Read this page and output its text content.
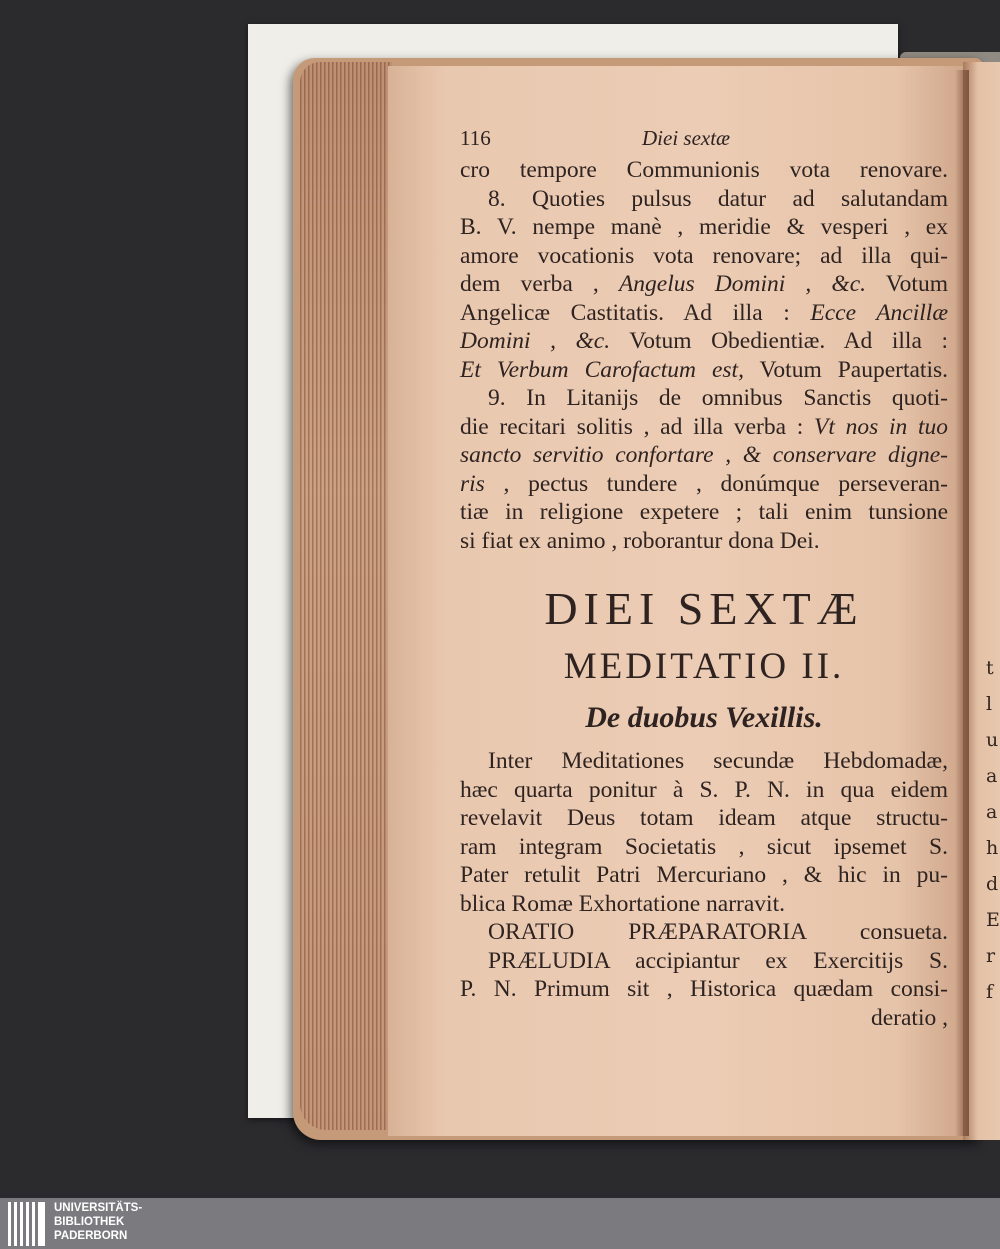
t
l
u
a
a
h
d
E
r
f
116	Diei sextæ
cro tempore Communionis vota renovare.
8. Quoties pulsus datur ad salutandam
B. V. nempe manè , meridie & vesperi , ex
amore vocationis vota renovare; ad illa qui-
dem verba , Angelus Domini , &c. Votum
Angelicæ Castitatis. Ad illa : Ecce Ancillæ
Domini , &c. Votum Obedientiæ. Ad illa :
Et Verbum Carofactum est, Votum Paupertatis.
9. In Litanijs de omnibus Sanctis quoti-
die recitari solitis , ad illa verba : Vt nos in tuo
sancto servitio confortare , & conservare digne-
ris , pectus tundere , donúmque perseveran-
tiæ in religione expetere ; tali enim tunsione
si fiat ex animo , roborantur dona Dei.
DIEI SEXTÆ
MEDITATIO II.
De duobus Vexillis.
Inter Meditationes secundæ Hebdomadæ,
hæc quarta ponitur à S. P. N. in qua eidem
revelavit Deus totam ideam atque structu-
ram integram Societatis , sicut ipsemet S.
Pater retulit Patri Mercuriano , & hic in pu-
blica Romæ Exhortatione narravit.
ORATIO PRÆPARATORIA consueta.
PRÆLUDIA accipiantur ex Exercitijs S.
P. N. Primum sit , Historica quædam consi-
deratio ,
UNIVERSITÄTS-
BIBLIOTHEK
PADERBORN
